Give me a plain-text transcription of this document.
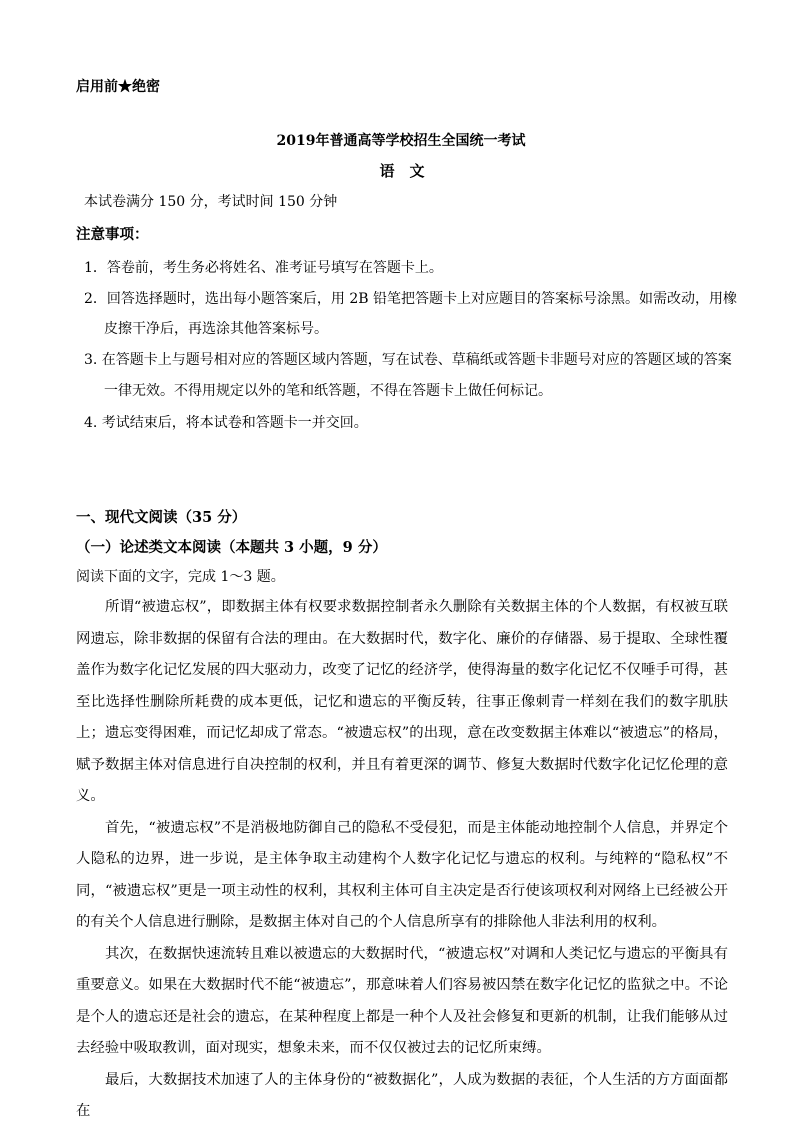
启用前★绝密
2019年普通高等学校招生全国统一考试
语　文
本试卷满分 150 分，考试时间 150 分钟
注意事项：
1．答卷前，考生务必将姓名、准考证号填写在答题卡上。
2．回答选择题时，选出每小题答案后，用 2B 铅笔把答题卡上对应题目的答案标号涂黑。如需改动，用橡
皮擦干净后，再选涂其他答案标号。
3. 在答题卡上与题号相对应的答题区域内答题，写在试卷、草稿纸或答题卡非题号对应的答题区域的答案
一律无效。不得用规定以外的笔和纸答题，不得在答题卡上做任何标记。
4. 考试结束后，将本试卷和答题卡一并交回。
一、现代文阅读（35 分）
（一）论述类文本阅读（本题共 3 小题，9 分）
阅读下面的文字，完成 1～3 题。

　　所谓“被遗忘权”，即数据主体有权要求数据控制者永久删除有关数据主体的个人数据，有权被互联网遗忘，除非数据的保留有合法的理由。在大数据时代，数字化、廉价的存储器、易于提取、全球性覆盖作为数字化记忆发展的四大驱动力，改变了记忆的经济学，使得海量的数字化记忆不仅唾手可得，甚至比选择性删除所耗费的成本更低，记忆和遗忘的平衡反转，往事正像刺青一样刻在我们的数字肌肤上；遗忘变得困难，而记忆却成了常态。“被遗忘权”的出现，意在改变数据主体难以“被遗忘”的格局，赋予数据主体对信息进行自决控制的权利，并且有着更深的调节、修复大数据时代数字化记忆伦理的意义。

　　首先，“被遗忘权”不是消极地防御自己的隐私不受侵犯，而是主体能动地控制个人信息，并界定个人隐私的边界，进一步说，是主体争取主动建构个人数字化记忆与遗忘的权利。与纯粹的“隐私权”不同，“被遗忘权”更是一项主动性的权利，其权利主体可自主决定是否行使该项权利对网络上已经被公开的有关个人信息进行删除，是数据主体对自己的个人信息所享有的排除他人非法利用的权利。

　　其次，在数据快速流转且难以被遗忘的大数据时代，“被遗忘权”对调和人类记忆与遗忘的平衡具有重要意义。如果在大数据时代不能“被遗忘”，那意味着人们容易被囚禁在数字化记忆的监狱之中。不论是个人的遗忘还是社会的遗忘，在某种程度上都是一种个人及社会修复和更新的机制，让我们能够从过去经验中吸取教训，面对现实，想象未来，而不仅仅被过去的记忆所束缚。

　　最后，大数据技术加速了人的主体身份的“被数据化”，人成为数据的表征，个人生活的方方面面都在
